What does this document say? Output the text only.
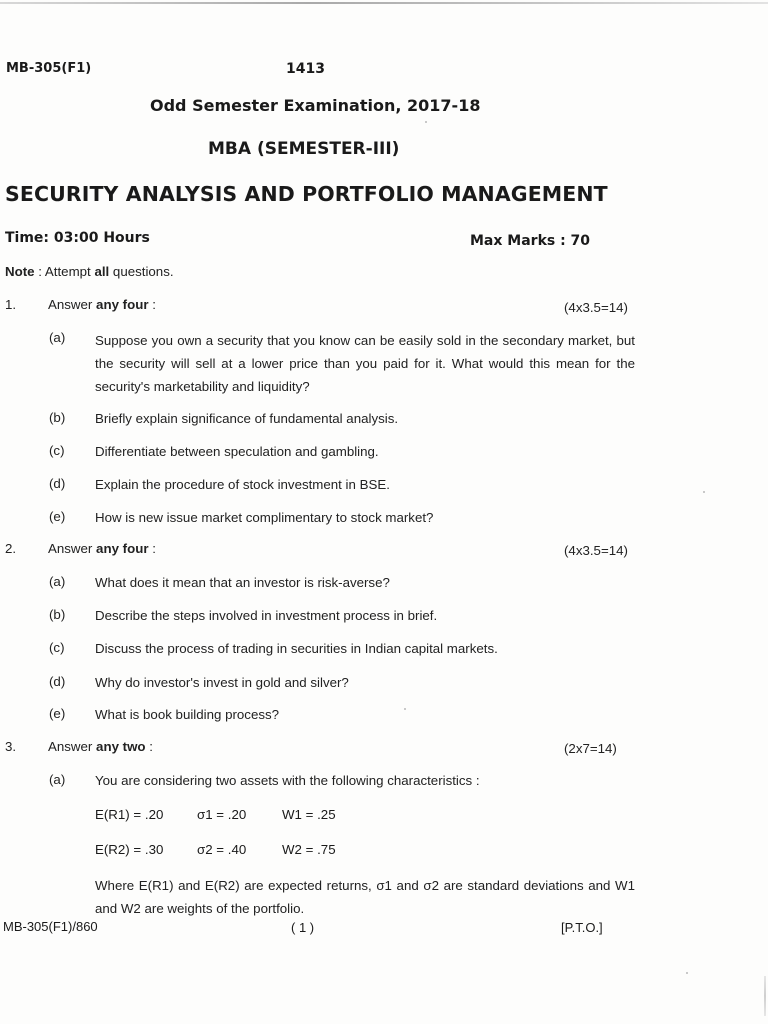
MB-305(F1)	1413
Odd Semester Examination, 2017-18
MBA (SEMESTER-III)
SECURITY ANALYSIS AND PORTFOLIO MANAGEMENT
Time: 03:00 Hours	Max Marks : 70
Note : Attempt all questions.
1. Answer any four :	(4x3.5=14)
(a) Suppose you own a security that you know can be easily sold in the secondary market, but the security will sell at a lower price than you paid for it. What would this mean for the security's marketability and liquidity?
(b) Briefly explain significance of fundamental analysis.
(c) Differentiate between speculation and gambling.
(d) Explain the procedure of stock investment in BSE.
(e) How is new issue market complimentary to stock market?
2. Answer any four :	(4x3.5=14)
(a) What does it mean that an investor is risk-averse?
(b) Describe the steps involved in investment process in brief.
(c) Discuss the process of trading in securities in Indian capital markets.
(d) Why do investor's invest in gold and silver?
(e) What is book building process?
3. Answer any two :	(2x7=14)
(a) You are considering two assets with the following characteristics :
E(R1) = .20	σ1 = .20	W1 = .25
E(R2) = .30	σ2 = .40	W2 = .75
Where E(R1) and E(R2) are expected returns, σ1 and σ2 are standard deviations and W1 and W2 are weights of the portfolio.
MB-305(F1)/860	( 1 )	[P.T.O.]
